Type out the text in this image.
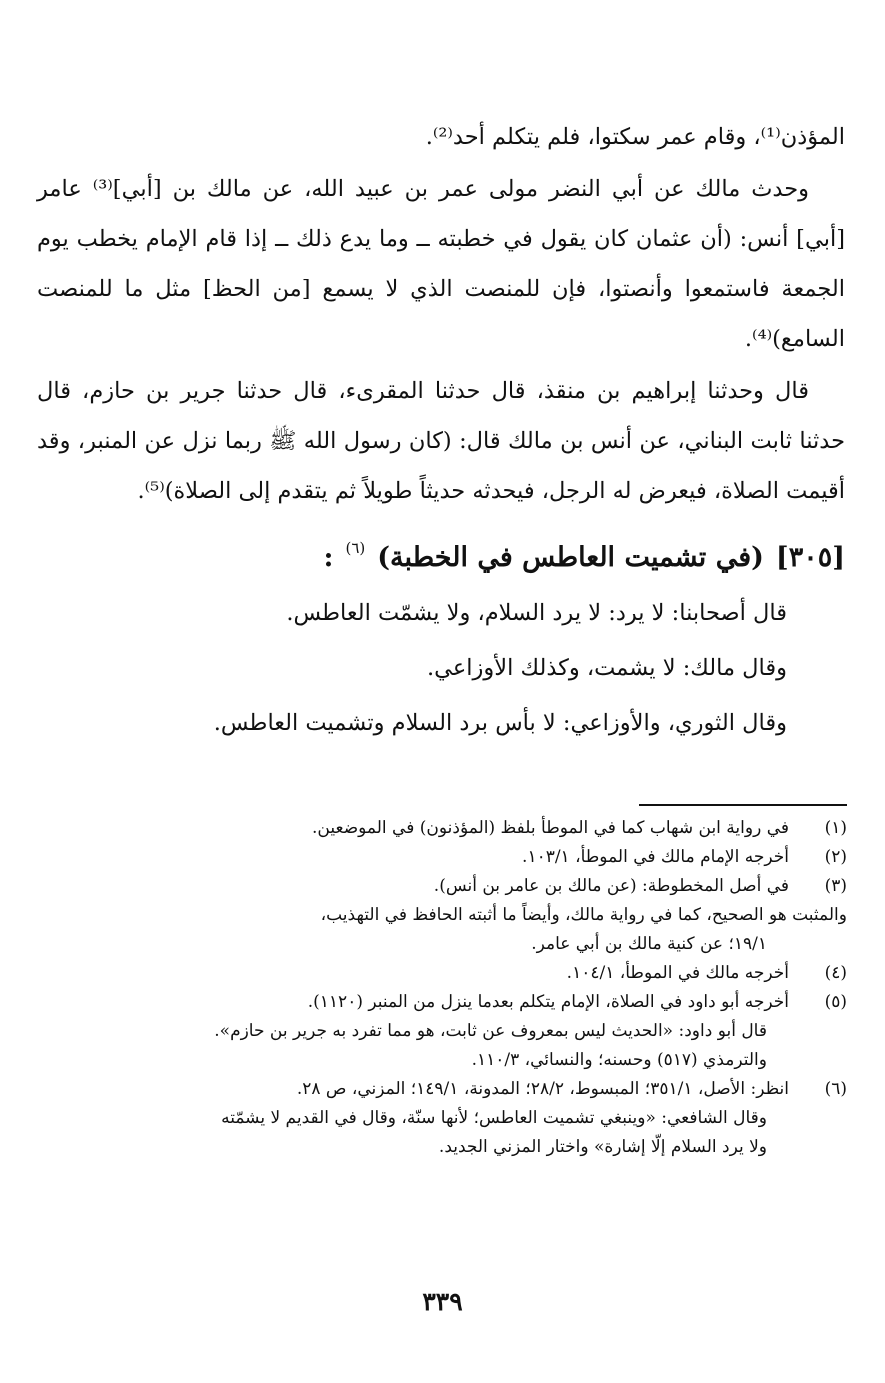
المؤذن⁽¹⁾، وقام عمر سكتوا، فلم يتكلم أحد⁽²⁾.

وحدث مالك عن أبي النضر مولى عمر بن عبيد الله، عن مالك بن [أبي]⁽³⁾ عامر [أبي] أنس: (أن عثمان كان يقول في خطبته ــ وما يدع ذلك ــ إذا قام الإمام يخطب يوم الجمعة فاستمعوا وأنصتوا، فإن للمنصت الذي لا يسمع [من الحظ] مثل ما للمنصت السامع)⁽⁴⁾.

قال وحدثنا إبراهيم بن منقذ، قال حدثنا المقرىء، قال حدثنا جرير بن حازم، قال حدثنا ثابت البناني، عن أنس بن مالك قال: (كان رسول الله ﷺ ربما نزل عن المنبر، وقد أقيمت الصلاة، فيعرض له الرجل، فيحدثه حديثاً طويلاً ثم يتقدم إلى الصلاة)⁽⁵⁾.

[٣٠٥]
(في تشميت العاطس في الخطبة)
(٦)
:

قال أصحابنا: لا يرد: لا يرد السلام، ولا يشمّت العاطس.

وقال مالك: لا يشمت، وكذلك الأوزاعي.

وقال الثوري، والأوزاعي: لا بأس برد السلام وتشميت العاطس.

(١)
في رواية ابن شهاب كما في الموطأ بلفظ (المؤذنون) في الموضعين.
(٢)
أخرجه الإمام مالك في الموطأ، ١٠٣/١.
(٣)
في أصل المخطوطة: (عن مالك بن عامر بن أنس).
والمثبت هو الصحيح، كما في رواية مالك، وأيضاً ما أثبته الحافظ في التهذيب،
١٩/١؛ عن كنية مالك بن أبي عامر.
(٤)
أخرجه مالك في الموطأ، ١٠٤/١.
(٥)
أخرجه أبو داود في الصلاة، الإمام يتكلم بعدما ينزل من المنبر (١١٢٠).
قال أبو داود: «الحديث ليس بمعروف عن ثابت، هو مما تفرد به جرير بن حازم».
والترمذي (٥١٧) وحسنه؛ والنسائي، ١١٠/٣.
(٦)
انظر: الأصل، ٣٥١/١؛ المبسوط، ٢٨/٢؛ المدونة، ١٤٩/١؛ المزني، ص ٢٨.
وقال الشافعي: «وينبغي تشميت العاطس؛ لأنها سنّة، وقال في القديم لا يشمّته
ولا يرد السلام إلّا إشارة» واختار المزني الجديد.
٣٣٩
